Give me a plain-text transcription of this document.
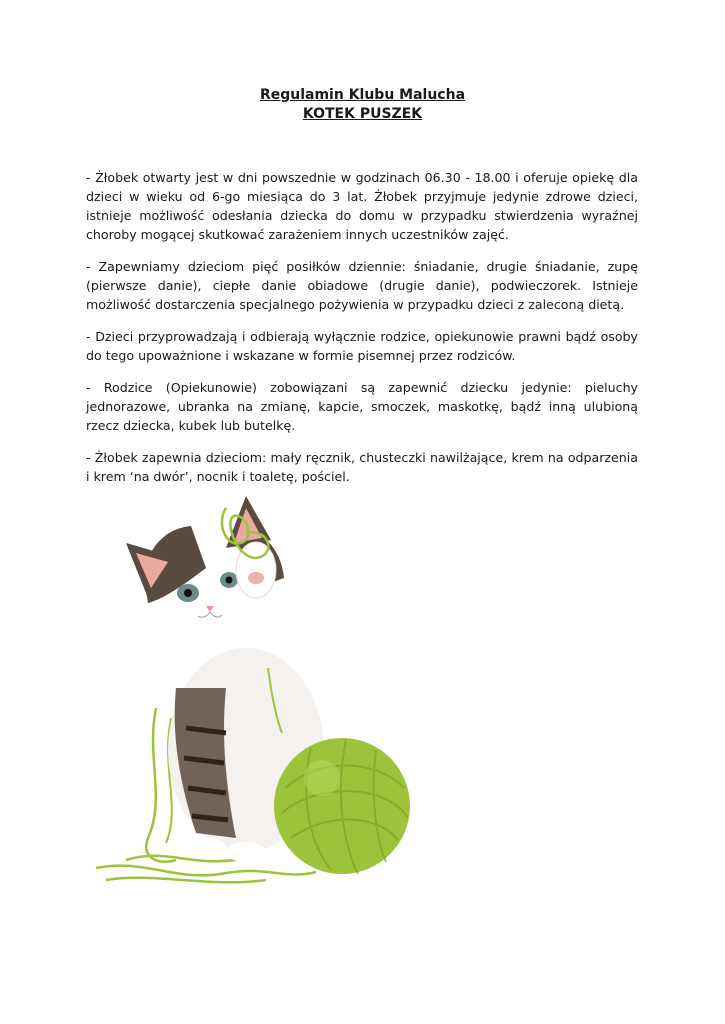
Regulamin Klubu Malucha
KOTEK PUSZEK

- Żłobek otwarty jest w dni powszednie w godzinach 06.30 - 18.00 i oferuje opiekę dla dzieci w wieku od 6-go miesiąca do 3 lat. Żłobek przyjmuje jedynie zdrowe dzieci, istnieje możliwość odesłania dziecka do domu w przypadku stwierdzenia wyraźnej choroby mogącej skutkować zarażeniem innych uczestników zajęć.

- Zapewniamy dzieciom pięć posiłków dziennie: śniadanie, drugie śniadanie, zupę (pierwsze danie), ciepłe danie obiadowe (drugie danie), podwieczorek. Istnieje możliwość dostarczenia specjalnego pożywienia w przypadku dzieci z zaleconą dietą.

- Dzieci przyprowadzają i odbierają wyłącznie rodzice, opiekunowie prawni bądź osoby do tego upoważnione i wskazane w formie pisemnej przez rodziców.

- Rodzice (Opiekunowie) zobowiązani są zapewnić dziecku jedynie: pieluchy jednorazowe, ubranka na zmianę, kapcie, smoczek, maskotkę, bądź inną ulubioną rzecz dziecka, kubek lub butelkę.

- Żłobek zapewnia dzieciom: mały ręcznik, chusteczki nawilżające, krem na odparzenia i krem ‘na dwór’, nocnik i toaletę, pościel.
